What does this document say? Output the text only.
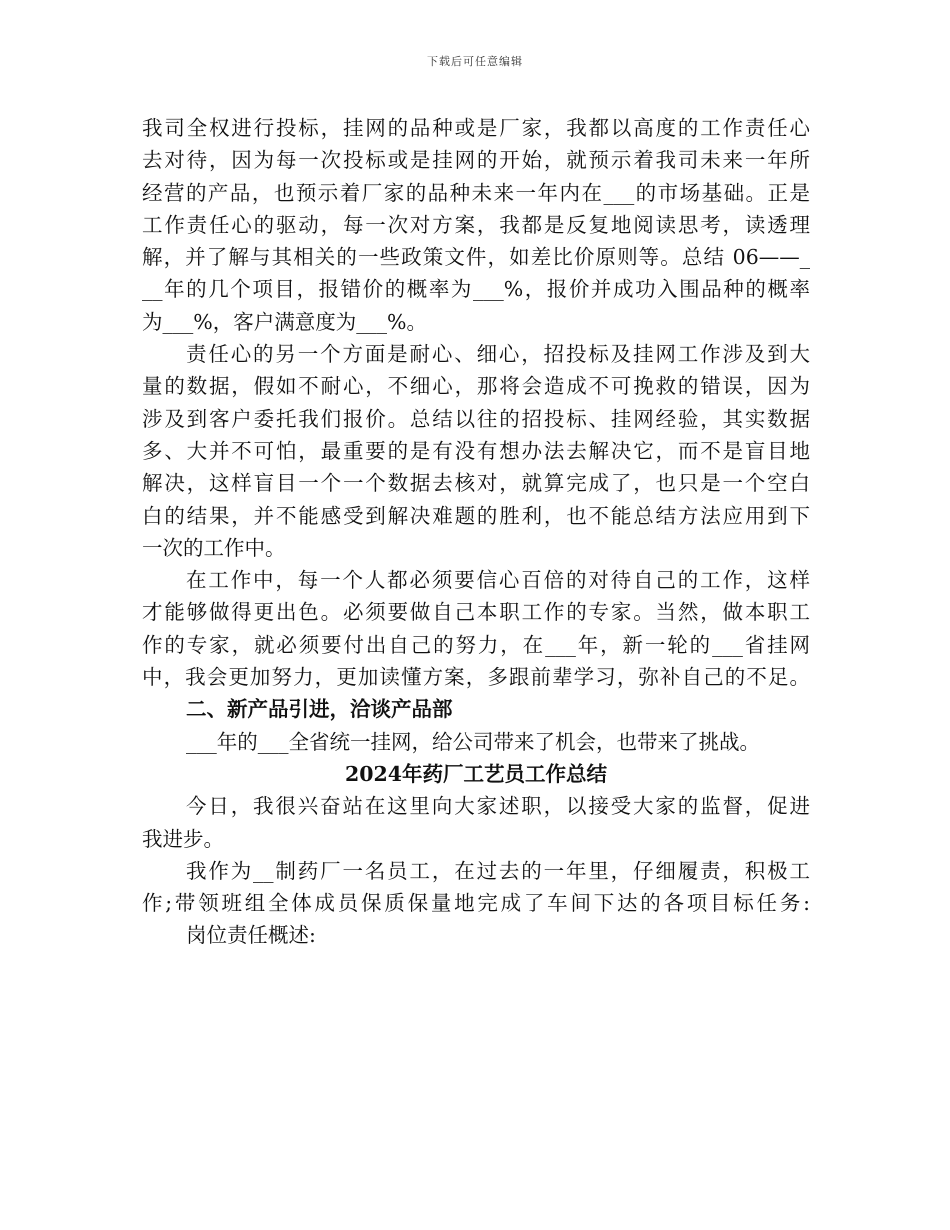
下载后可任意编辑
我司全权进行投标，挂网的品种或是厂家，我都以高度的工作责任心
去对待，因为每一次投标或是挂网的开始，就预示着我司未来一年所
经营的产品，也预示着厂家的品种未来一年内在___的市场基础。正是
工作责任心的驱动，每一次对方案，我都是反复地阅读思考，读透理
解，并了解与其相关的一些政策文件，如差比价原则等。总结 06——_
__年的几个项目，报错价的概率为___%，报价并成功入围品种的概率
为___%，客户满意度为___%。
责任心的另一个方面是耐心、细心，招投标及挂网工作涉及到大
量的数据，假如不耐心，不细心，那将会造成不可挽救的错误，因为
涉及到客户委托我们报价。总结以往的招投标、挂网经验，其实数据
多、大并不可怕，最重要的是有没有想办法去解决它，而不是盲目地
解决，这样盲目一个一个数据去核对，就算完成了，也只是一个空白
白的结果，并不能感受到解决难题的胜利，也不能总结方法应用到下
一次的工作中。
在工作中，每一个人都必须要信心百倍的对待自己的工作，这样
才能够做得更出色。必须要做自己本职工作的专家。当然，做本职工
作的专家，就必须要付出自己的努力，在___年，新一轮的___省挂网
中，我会更加努力，更加读懂方案，多跟前辈学习，弥补自己的不足。
二、新产品引进，洽谈产品部
___年的___全省统一挂网，给公司带来了机会，也带来了挑战。
2024年药厂工艺员工作总结
今日，我很兴奋站在这里向大家述职，以接受大家的监督，促进
我进步。
我作为__制药厂一名员工，在过去的一年里，仔细履责，积极工
作;带领班组全体成员保质保量地完成了车间下达的各项目标任务:
岗位责任概述:
